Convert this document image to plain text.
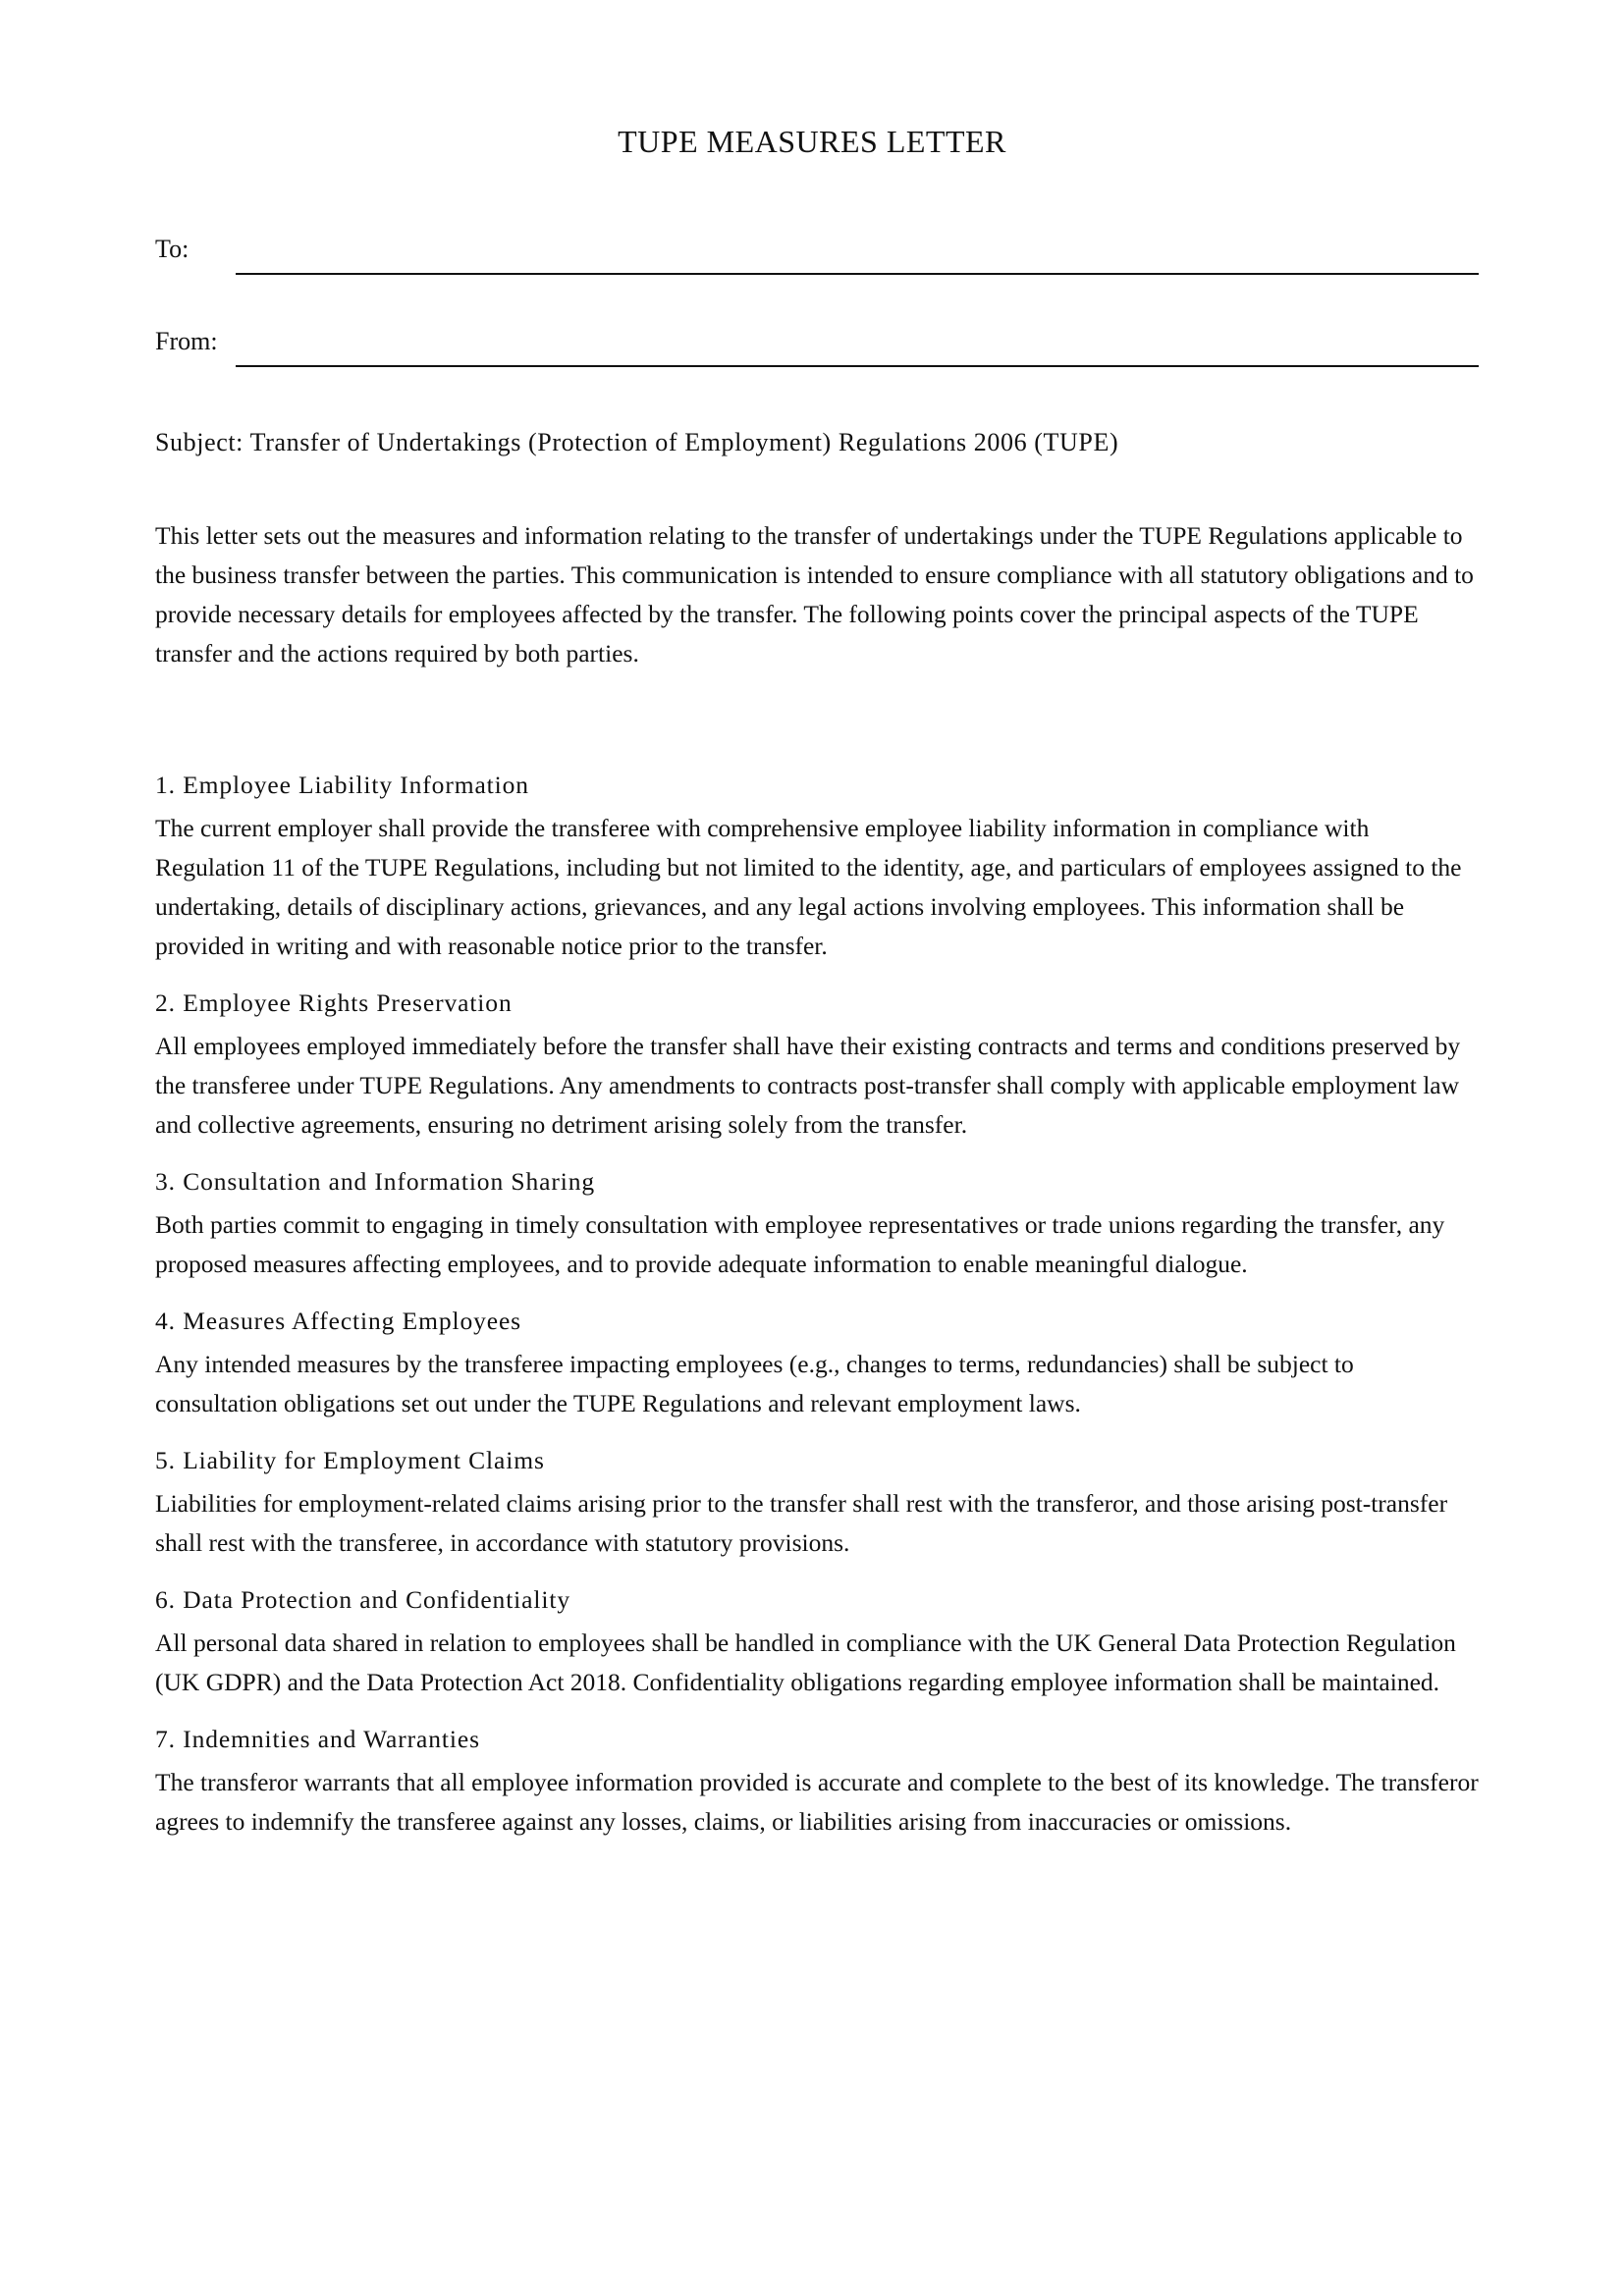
TUPE MEASURES LETTER
To:
From:
Subject: Transfer of Undertakings (Protection of Employment) Regulations 2006 (TUPE)

This letter sets out the measures and information relating to the transfer of undertakings under the TUPE Regulations applicable to the business transfer between the parties. This communication is intended to ensure compliance with all statutory obligations and to provide necessary details for employees affected by the transfer. The following points cover the principal aspects of the TUPE transfer and the actions required by both parties.

1. Employee Liability Information

The current employer shall provide the transferee with comprehensive employee liability information in compliance with Regulation 11 of the TUPE Regulations, including but not limited to the identity, age, and particulars of employees assigned to the undertaking, details of disciplinary actions, grievances, and any legal actions involving employees. This information shall be provided in writing and with reasonable notice prior to the transfer.

2. Employee Rights Preservation

All employees employed immediately before the transfer shall have their existing contracts and terms and conditions preserved by the transferee under TUPE Regulations. Any amendments to contracts post-transfer shall comply with applicable employment law and collective agreements, ensuring no detriment arising solely from the transfer.

3. Consultation and Information Sharing

Both parties commit to engaging in timely consultation with employee representatives or trade unions regarding the transfer, any proposed measures affecting employees, and to provide adequate information to enable meaningful dialogue.

4. Measures Affecting Employees

Any intended measures by the transferee impacting employees (e.g., changes to terms, redundancies) shall be subject to consultation obligations set out under the TUPE Regulations and relevant employment laws.

5. Liability for Employment Claims

Liabilities for employment-related claims arising prior to the transfer shall rest with the transferor, and those arising post-transfer shall rest with the transferee, in accordance with statutory provisions.

6. Data Protection and Confidentiality

All personal data shared in relation to employees shall be handled in compliance with the UK General Data Protection Regulation (UK GDPR) and the Data Protection Act 2018. Confidentiality obligations regarding employee information shall be maintained.

7. Indemnities and Warranties

The transferor warrants that all employee information provided is accurate and complete to the best of its knowledge. The transferor agrees to indemnify the transferee against any losses, claims, or liabilities arising from inaccuracies or omissions.
